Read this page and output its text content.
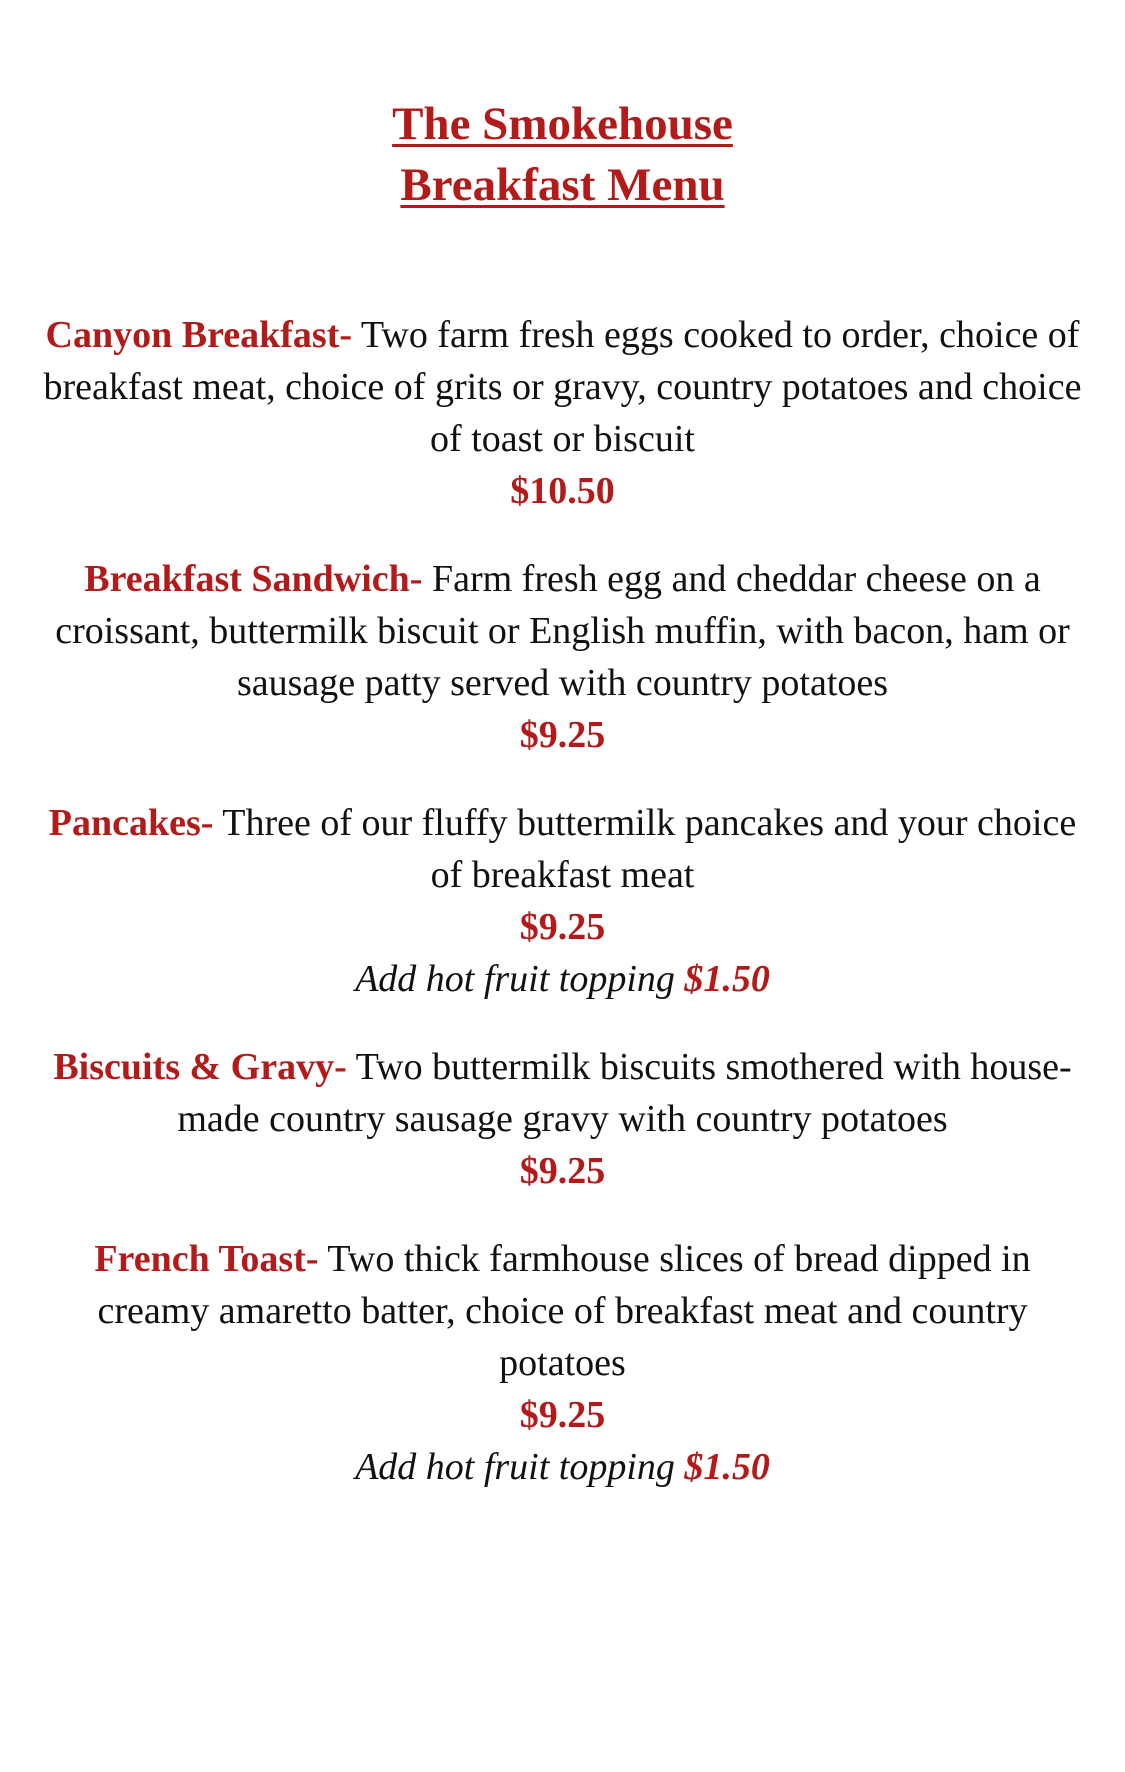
The Smokehouse
Breakfast Menu
Canyon Breakfast- Two farm fresh eggs cooked to order, choice of breakfast meat, choice of grits or gravy, country potatoes and choice of toast or biscuit
$10.50
Breakfast Sandwich- Farm fresh egg and cheddar cheese on a croissant, buttermilk biscuit or English muffin, with bacon, ham or sausage patty served with country potatoes
$9.25
Pancakes- Three of our fluffy buttermilk pancakes and your choice of breakfast meat
$9.25
Add hot fruit topping $1.50
Biscuits & Gravy- Two buttermilk biscuits smothered with house-made country sausage gravy with country potatoes
$9.25
French Toast- Two thick farmhouse slices of bread dipped in creamy amaretto batter, choice of breakfast meat and country potatoes
$9.25
Add hot fruit topping $1.50
